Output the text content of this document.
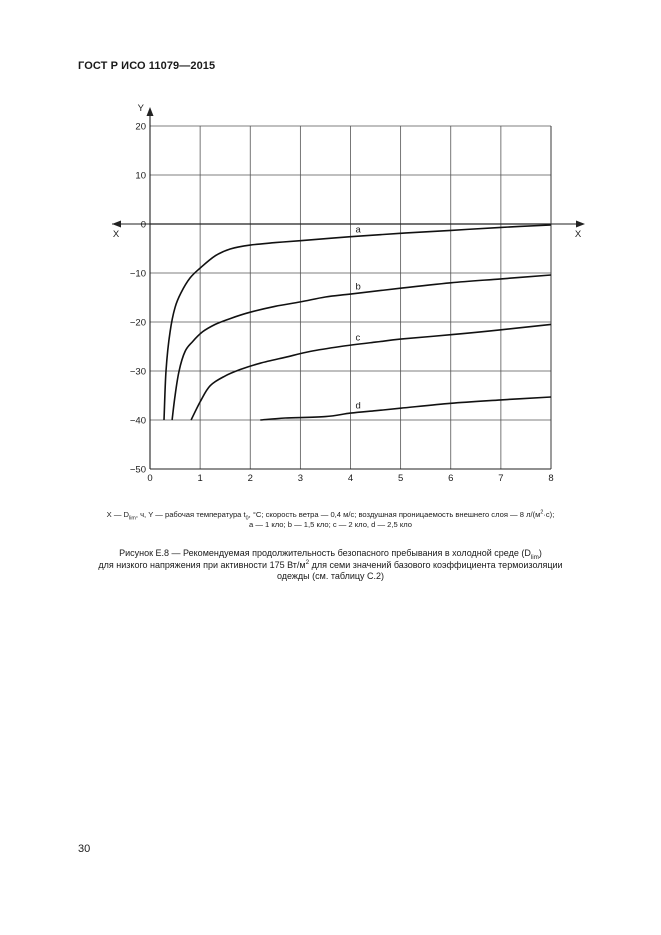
ГОСТ Р ИСО 11079—2015
0	1	2	3	4	5	6	7	8
20
10
0
−10
−20
−30
−40
−50
Y
X	X
a
b
c
d
X — $D_{lim}$, ч, Y — рабочая температура $t_0$, °C; скорость ветра — 0,4 м/с; воздушная проницаемость внешнего слоя — 8 $л/(м^2\cdot с)$;
a — 1 кло; b — 1,5 кло; c — 2 кло, d — 2,5 кло
Рисунок E.8 — Рекомендуемая продолжительность безопасного пребывания в холодной среде $(D_{lim})$
для низкого напряжения при активности 175 $Вт/м^2$ для семи значений базового коэффициента термоизоляции
одежды (см. таблицу C.2)
30
